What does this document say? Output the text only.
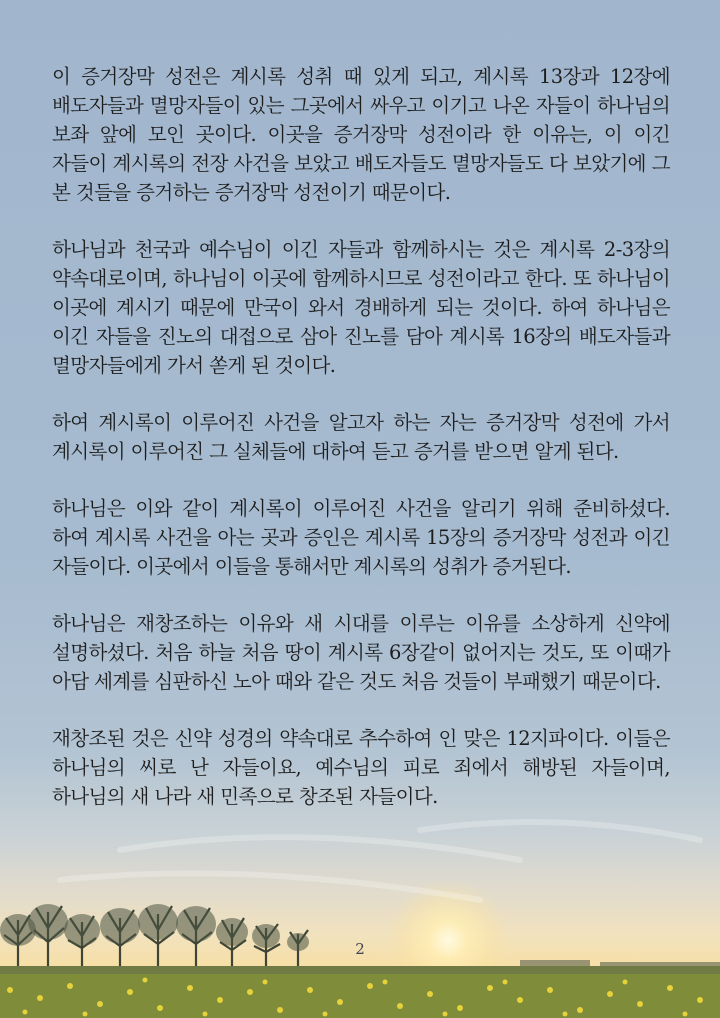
이 증거장막 성전은 계시록 성취 때 있게 되고, 계시록 13장과 12장에 배도자들과 멸망자들이 있는 그곳에서 싸우고 이기고 나온 자들이 하나님의 보좌 앞에 모인 곳이다. 이곳을 증거장막 성전이라 한 이유는, 이 이긴 자들이 계시록의 전장 사건을 보았고 배도자들도 멸망자들도 다 보았기에 그 본 것들을 증거하는 증거장막 성전이기 때문이다.

하나님과 천국과 예수님이 이긴 자들과 함께하시는 것은 계시록 2-3장의 약속대로이며, 하나님이 이곳에 함께하시므로 성전이라고 한다. 또 하나님이 이곳에 계시기 때문에 만국이 와서 경배하게 되는 것이다. 하여 하나님은 이긴 자들을 진노의 대접으로 삼아 진노를 담아 계시록 16장의 배도자들과 멸망자들에게 가서 쏟게 된 것이다.

하여 계시록이 이루어진 사건을 알고자 하는 자는 증거장막 성전에 가서 계시록이 이루어진 그 실체들에 대하여 듣고 증거를 받으면 알게 된다.

하나님은 이와 같이 계시록이 이루어진 사건을 알리기 위해 준비하셨다. 하여 계시록 사건을 아는 곳과 증인은 계시록 15장의 증거장막 성전과 이긴 자들이다. 이곳에서 이들을 통해서만 계시록의 성취가 증거된다.

하나님은 재창조하는 이유와 새 시대를 이루는 이유를 소상하게 신약에 설명하셨다. 처음 하늘 처음 땅이 계시록 6장같이 없어지는 것도, 또 이때가 아담 세계를 심판하신 노아 때와 같은 것도 처음 것들이 부패했기 때문이다.

재창조된 것은 신약 성경의 약속대로 추수하여 인 맞은 12지파이다. 이들은 하나님의 씨로 난 자들이요, 예수님의 피로 죄에서 해방된 자들이며, 하나님의 새 나라 새 민족으로 창조된 자들이다.

2
